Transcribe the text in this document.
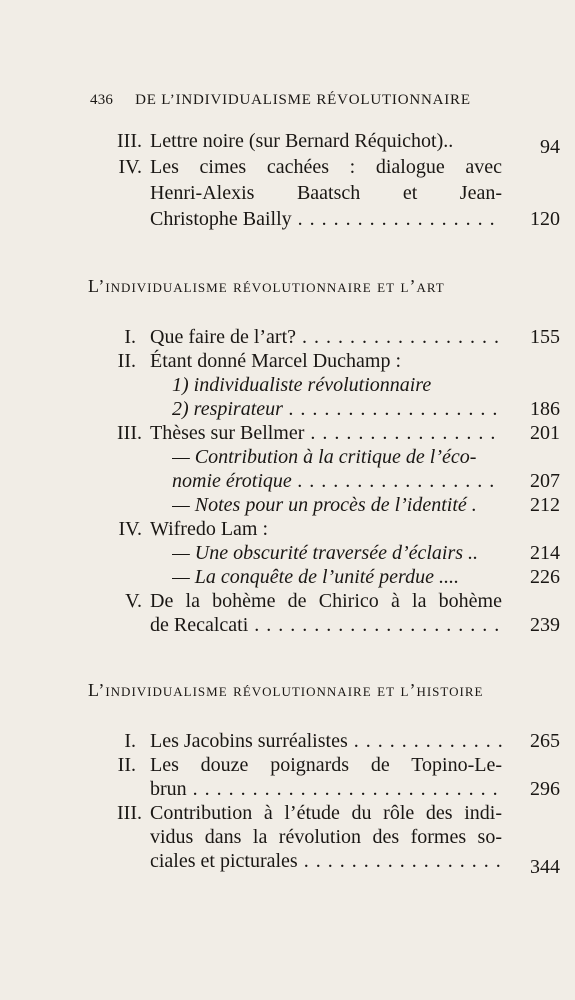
436 DE L’INDIVIDUALISME RÉVOLUTIONNAIRE
III. Lettre noire (sur Bernard Réquichot)..	94
IV. Les cimes cachées : dialogue avec
Henri-Alexis Baatsch et Jean-
Christophe Bailly . . .	120
L’individualisme révolutionnaire et l’art
I. Que faire de l’art? . . .	155
II. Étant donné Marcel Duchamp :
1) individualiste révolutionnaire
2) respirateur . . .	186
III. Thèses sur Bellmer . . .	201
— Contribution à la critique de l’éco-
nomie érotique . . .	207
— Notes pour un procès de l’identité .	212
IV. Wifredo Lam :
— Une obscurité traversée d’éclairs ..	214
— La conquête de l’unité perdue ....	226
V. De la bohème de Chirico à la bohème
de Recalcati . . .	239
L’individualisme révolutionnaire et l’histoire
I. Les Jacobins surréalistes . . .	265
II. Les douze poignards de Topino-Le-
brun . . .	296
III. Contribution à l’étude du rôle des indi-
vidus dans la révolution des formes so-
ciales et picturales . . .	344
